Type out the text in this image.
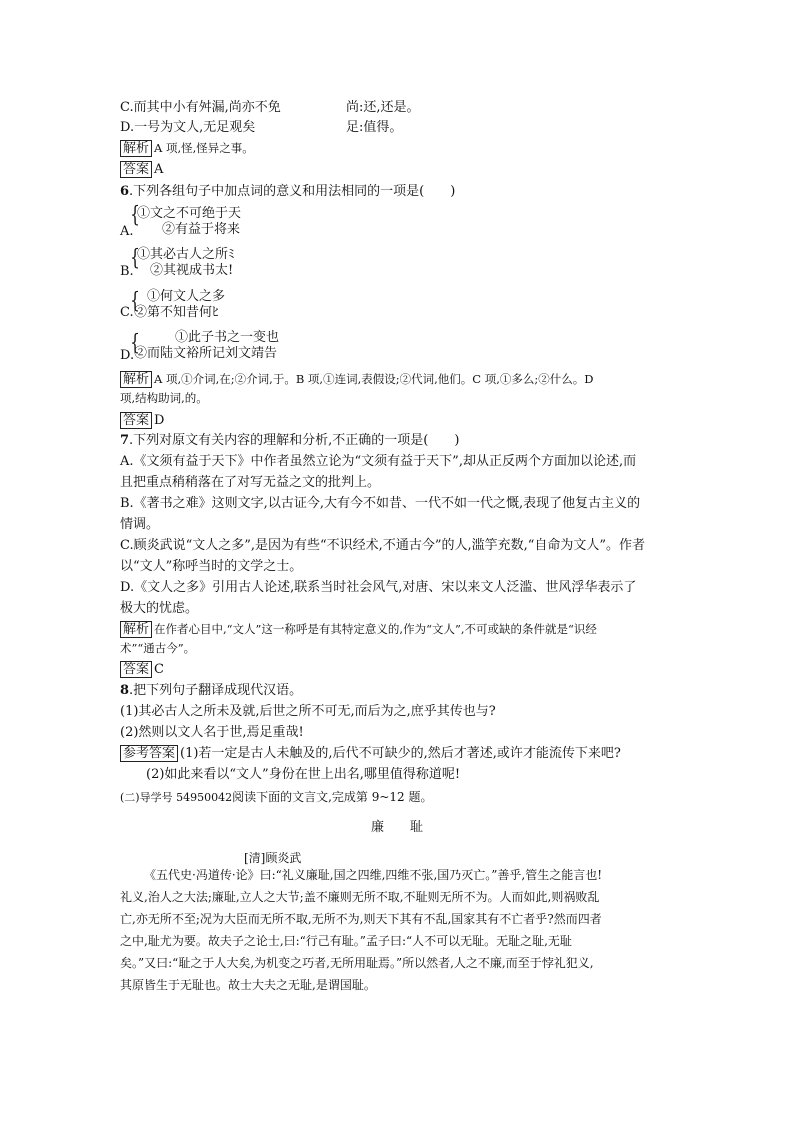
C.而其中小有舛漏,尚亦不免	尚:还,还是。
D.一号为文人,无足观矣	足:值得。
解析 A 项,怪,怪异之事。
答案 A
6.下列各组句子中加点词的意义和用法相同的一项是(　　)
{
A.
①文之不可绝于天
②有益于将来
{
B.
①其必古人之所ﾐ
②其视成书太!
{
C.
①何文人之多
②第不知昔何ﾋ
{
D.
①此子书之一变也
②而陆文裕所记刘文靖告
解析 A 项,①介词,在;②介词,于。B 项,①连词,表假设;②代词,他们。C 项,①多么;②什么。D
项,结构助词,的。
答案 D
7.下列对原文有关内容的理解和分析,不正确的一项是(　　)
A.《文须有益于天下》中作者虽然立论为“文须有益于天下”,却从正反两个方面加以论述,而
且把重点稍稍落在了对写无益之文的批判上。
B.《著书之难》这则文字,以古证今,大有今不如昔、一代不如一代之慨,表现了他复古主义的
情调。
C.顾炎武说“文人之多”,是因为有些“不识经术,不通古今”的人,滥竽充数,“自命为文人”。作者
以“文人”称呼当时的文学之士。
D.《文人之多》引用古人论述,联系当时社会风气,对唐、宋以来文人泛滥、世风浮华表示了
极大的忧虑。
解析 在作者心目中,“文人”这一称呼是有其特定意义的,作为“文人”,不可或缺的条件就是“识经
术”“通古今”。
答案 C
8.把下列句子翻译成现代汉语。
(1)其必古人之所未及就,后世之所不可无,而后为之,庶乎其传也与?
(2)然则以文人名于世,焉足重哉!
参考答案 (1)若一定是古人未触及的,后代不可缺少的,然后才著述,或许才能流传下来吧?
(2)如此来看以“文人”身份在世上出名,哪里值得称道呢!
(二)导学号 54950042阅读下面的文言文,完成第 9~12 题。
廉　　耻
[清]顾炎武
《五代史·冯道传·论》曰:“礼义廉耻,国之四维,四维不张,国乃灭亡。”善乎,管生之能言也!
礼义,治人之大法;廉耻,立人之大节;盖不廉则无所不取,不耻则无所不为。人而如此,则祸败乱
亡,亦无所不至;况为大臣而无所不取,无所不为,则天下其有不乱,国家其有不亡者乎?然而四者
之中,耻尤为要。故夫子之论士,曰:“行己有耻。”孟子曰:“人不可以无耻。无耻之耻,无耻
矣。”又曰:“耻之于人大矣,为机变之巧者,无所用耻焉。”所以然者,人之不廉,而至于悖礼犯义,
其原皆生于无耻也。故士大夫之无耻,是谓国耻。
